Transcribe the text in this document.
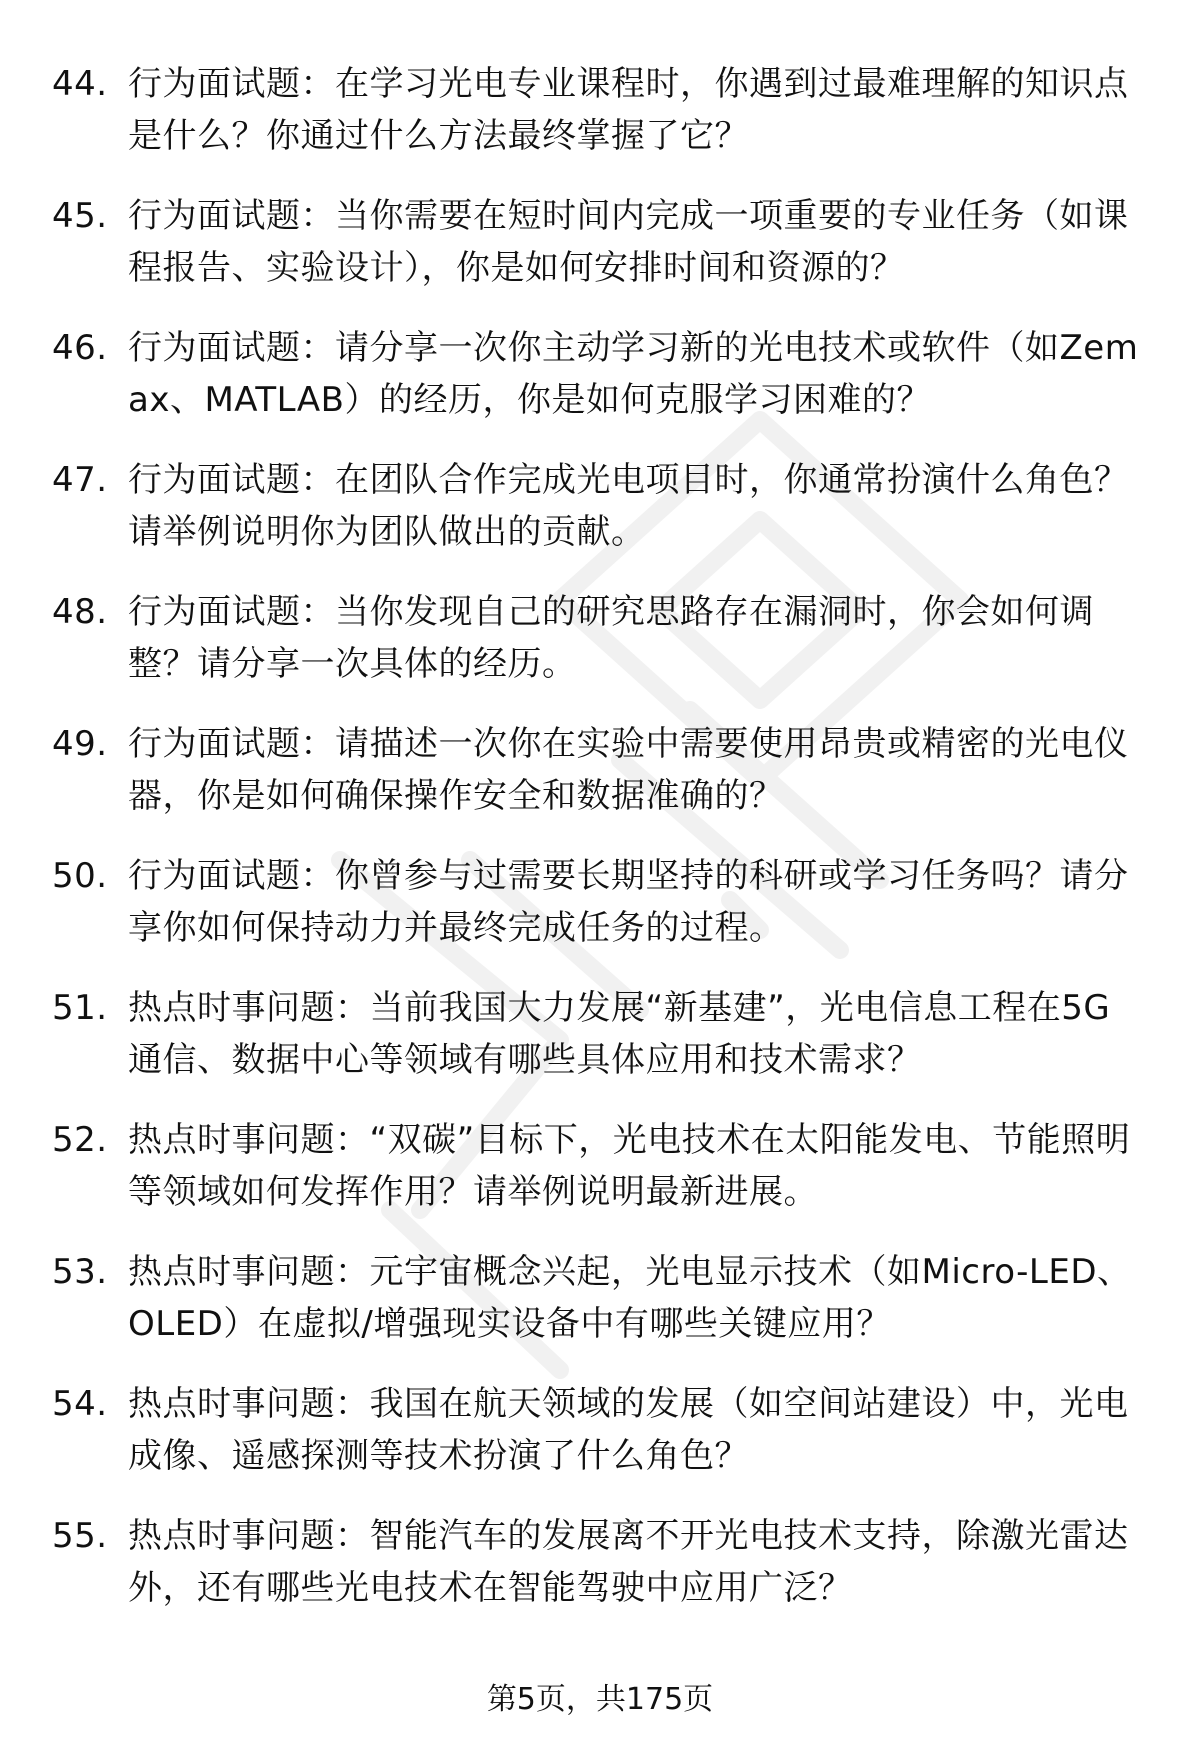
44. 行为面试题：在学习光电专业课程时，你遇到过最难理解的知识点是什么？你通过什么方法最终掌握了它？
45. 行为面试题：当你需要在短时间内完成一项重要的专业任务（如课程报告、实验设计），你是如何安排时间和资源的？
46. 行为面试题：请分享一次你主动学习新的光电技术或软件（如Zemax、MATLAB）的经历，你是如何克服学习困难的？
47. 行为面试题：在团队合作完成光电项目时，你通常扮演什么角色？请举例说明你为团队做出的贡献。
48. 行为面试题：当你发现自己的研究思路存在漏洞时，你会如何调整？请分享一次具体的经历。
49. 行为面试题：请描述一次你在实验中需要使用昂贵或精密的光电仪器，你是如何确保操作安全和数据准确的？
50. 行为面试题：你曾参与过需要长期坚持的科研或学习任务吗？请分享你如何保持动力并最终完成任务的过程。
51. 热点时事问题：当前我国大力发展“新基建”，光电信息工程在5G通信、数据中心等领域有哪些具体应用和技术需求？
52. 热点时事问题：“双碳”目标下，光电技术在太阳能发电、节能照明等领域如何发挥作用？请举例说明最新进展。
53. 热点时事问题：元宇宙概念兴起，光电显示技术（如Micro-LED、OLED）在虚拟/增强现实设备中有哪些关键应用？
54. 热点时事问题：我国在航天领域的发展（如空间站建设）中，光电成像、遥感探测等技术扮演了什么角色？
55. 热点时事问题：智能汽车的发展离不开光电技术支持，除激光雷达外，还有哪些光电技术在智能驾驶中应用广泛？
第5页，共175页
